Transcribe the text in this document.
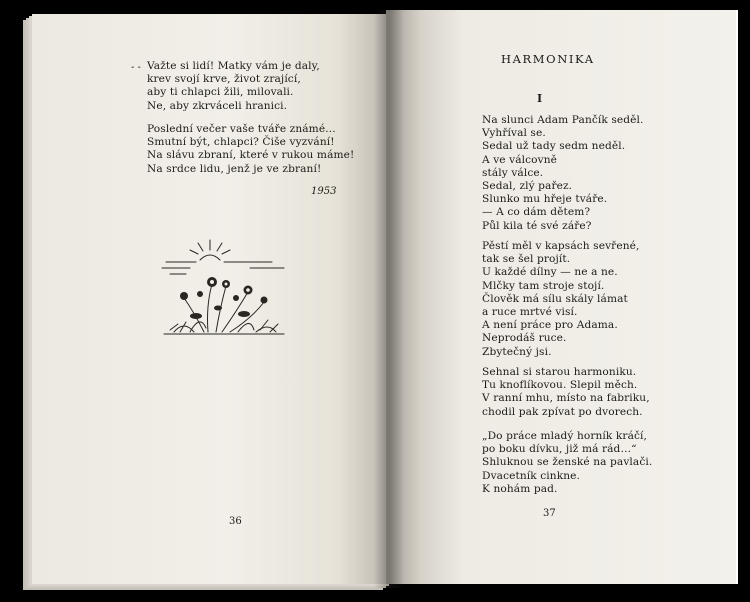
- - Važte si lidí! Matky vám je daly,
krev svojí krve, život zrající,
aby ti chlapci žili, milovali.
Ne, aby zkrváceli hranici.
Poslední večer vaše tváře známé…
Smutní být, chlapci? Čiše vyzvání!
Na slávu zbraní, které v rukou máme!
Na srdce lidu, jenž je ve zbraní!
1953
36
HARMONIKA
I
Na slunci Adam Pančík seděl.
Vyhříval se.
Sedal už tady sedm neděl.
A ve válcovně
stály válce.
Sedal, zlý pařez.
Slunko mu hřeje tváře.
— A co dám dětem?
Půl kila té své záře?
Pěstí měl v kapsách sevřené,
tak se šel projít.
U každé dílny — ne a ne.
Mlčky tam stroje stojí.
Člověk má sílu skály lámat
a ruce mrtvé visí.
A není práce pro Adama.
Neprodáš ruce.
Zbytečný jsi.
Sehnal si starou harmoniku.
Tu knoflíkovou. Slepil měch.
V ranní mhu, místo na fabriku,
chodil pak zpívat po dvorech.
„Do práce mladý horník kráčí,
po boku dívku, již má rád…“
Shluknou se ženské na pavlači.
Dvacetník cinkne.
K nohám pad.
37
